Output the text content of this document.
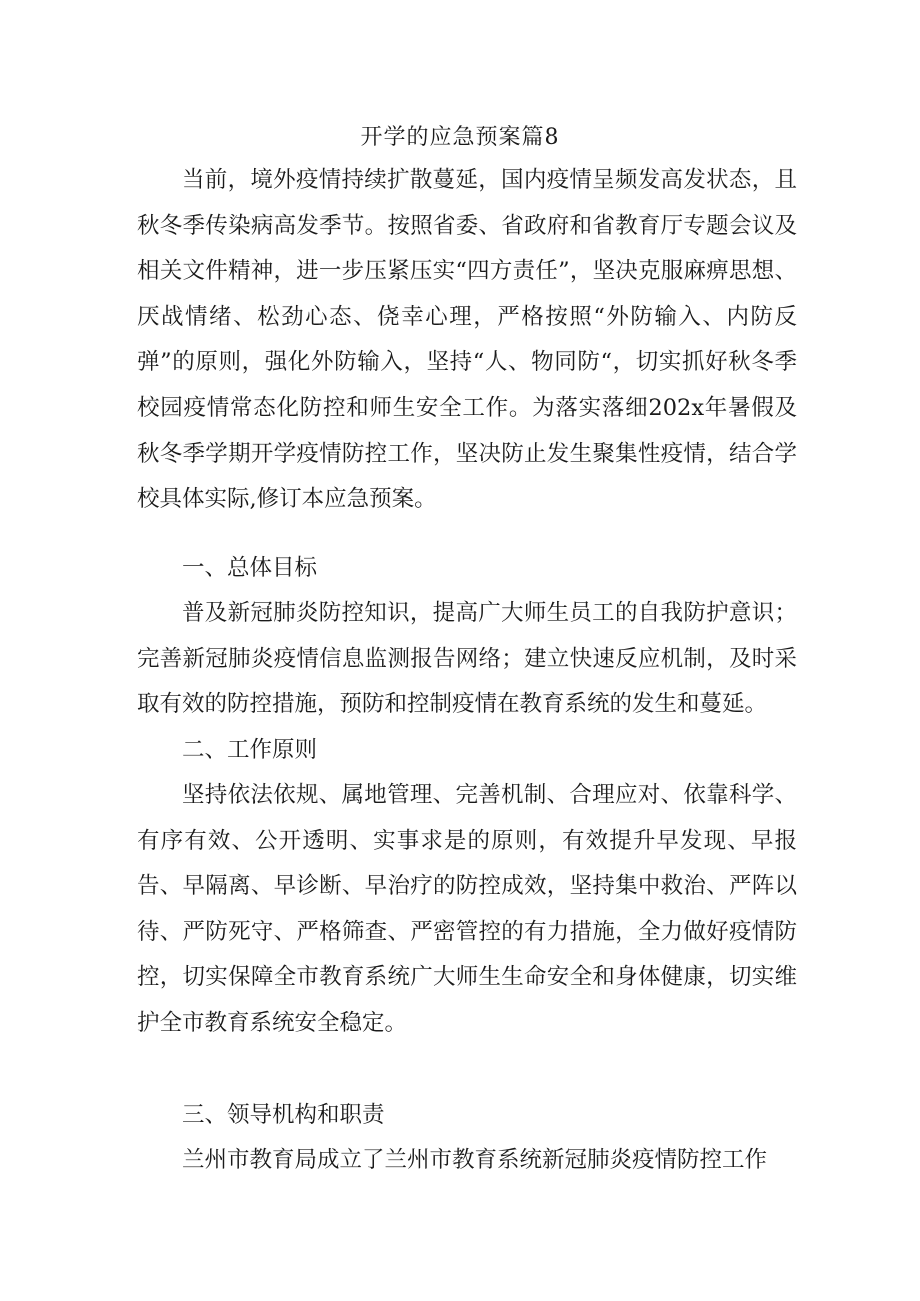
开学的应急预案篇8
当前，境外疫情持续扩散蔓延，国内疫情呈频发高发状态，且秋冬季传染病高发季节。按照省委、省政府和省教育厅专题会议及相关文件精神，进一步压紧压实“四方责任”，坚决克服麻痹思想、厌战情绪、松劲心态、侥幸心理，严格按照“外防输入、内防反弹”的原则，强化外防输入，坚持“人、物同防“，切实抓好秋冬季校园疫情常态化防控和师生安全工作。为落实落细202x年暑假及秋冬季学期开学疫情防控工作，坚决防止发生聚集性疫情，结合学校具体实际,修订本应急预案。
一、总体目标
普及新冠肺炎防控知识，提高广大师生员工的自我防护意识；完善新冠肺炎疫情信息监测报告网络；建立快速反应机制，及时采取有效的防控措施，预防和控制疫情在教育系统的发生和蔓延。
二、工作原则
坚持依法依规、属地管理、完善机制、合理应对、依靠科学、有序有效、公开透明、实事求是的原则，有效提升早发现、早报告、早隔离、早诊断、早治疗的防控成效，坚持集中救治、严阵以待、严防死守、严格筛查、严密管控的有力措施，全力做好疫情防控，切实保障全市教育系统广大师生生命安全和身体健康，切实维护全市教育系统安全稳定。
三、领导机构和职责
兰州市教育局成立了兰州市教育系统新冠肺炎疫情防控工作
